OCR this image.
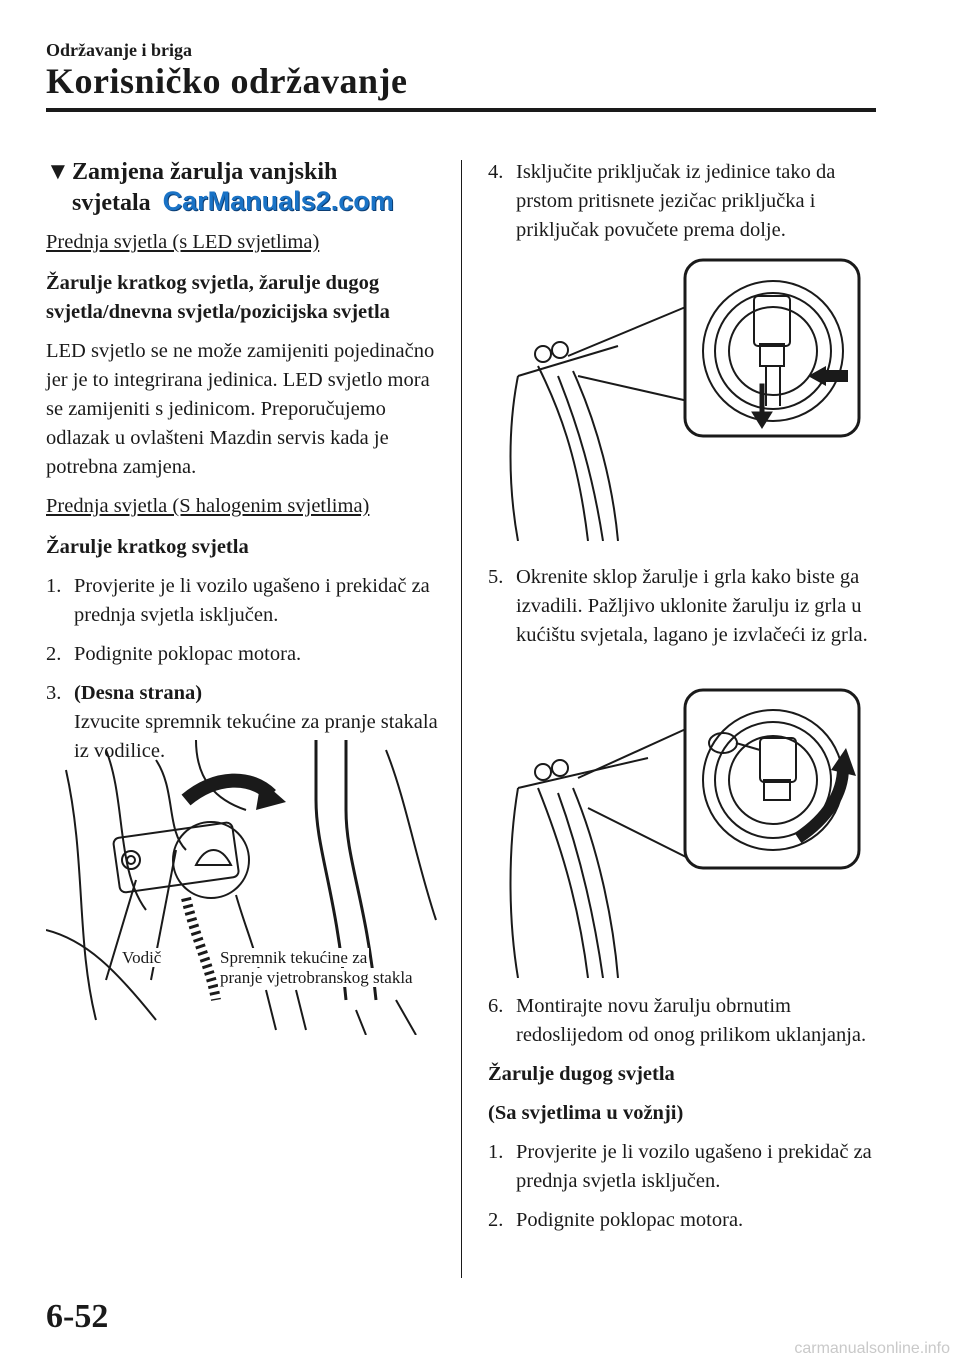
Održavanje i briga
Korisničko održavanje
▼ Zamjena žarulja vanjskih
svjetala CarManuals2.com
Prednja svjetla (s LED svjetlima)
Žarulje kratkog svjetla, žarulje dugog svjetla/dnevna svjetla/pozicijska svjetla
LED svjetlo se ne može zamijeniti pojedinačno jer je to integrirana jedinica. LED svjetlo mora se zamijeniti s jedinicom. Preporučujemo odlazak u ovlašteni Mazdin servis kada je potrebna zamjena.
Prednja svjetla (S halogenim svjetlima)
Žarulje kratkog svjetla
1. Provjerite je li vozilo ugašeno i prekidač za prednja svjetla isključen.
2. Podignite poklopac motora.
3. (Desna strana)
Izvucite spremnik tekućine za pranje stakala iz vodilice.
Vodič	Spremnik tekućine za
pranje vjetrobranskog stakla
4. Isključite priključak iz jedinice tako da prstom pritisnete jezičac priključka i priključak povučete prema dolje.
5. Okrenite sklop žarulje i grla kako biste ga izvadili. Pažljivo uklonite žarulju iz grla u kućištu svjetala, lagano je izvlačeći iz grla.
6. Montirajte novu žarulju obrnutim redoslijedom od onog prilikom uklanjanja.
Žarulje dugog svjetla
(Sa svjetlima u vožnji)
1. Provjerite je li vozilo ugašeno i prekidač za prednja svjetla isključen.
2. Podignite poklopac motora.
6-52
carmanualsonline.info
